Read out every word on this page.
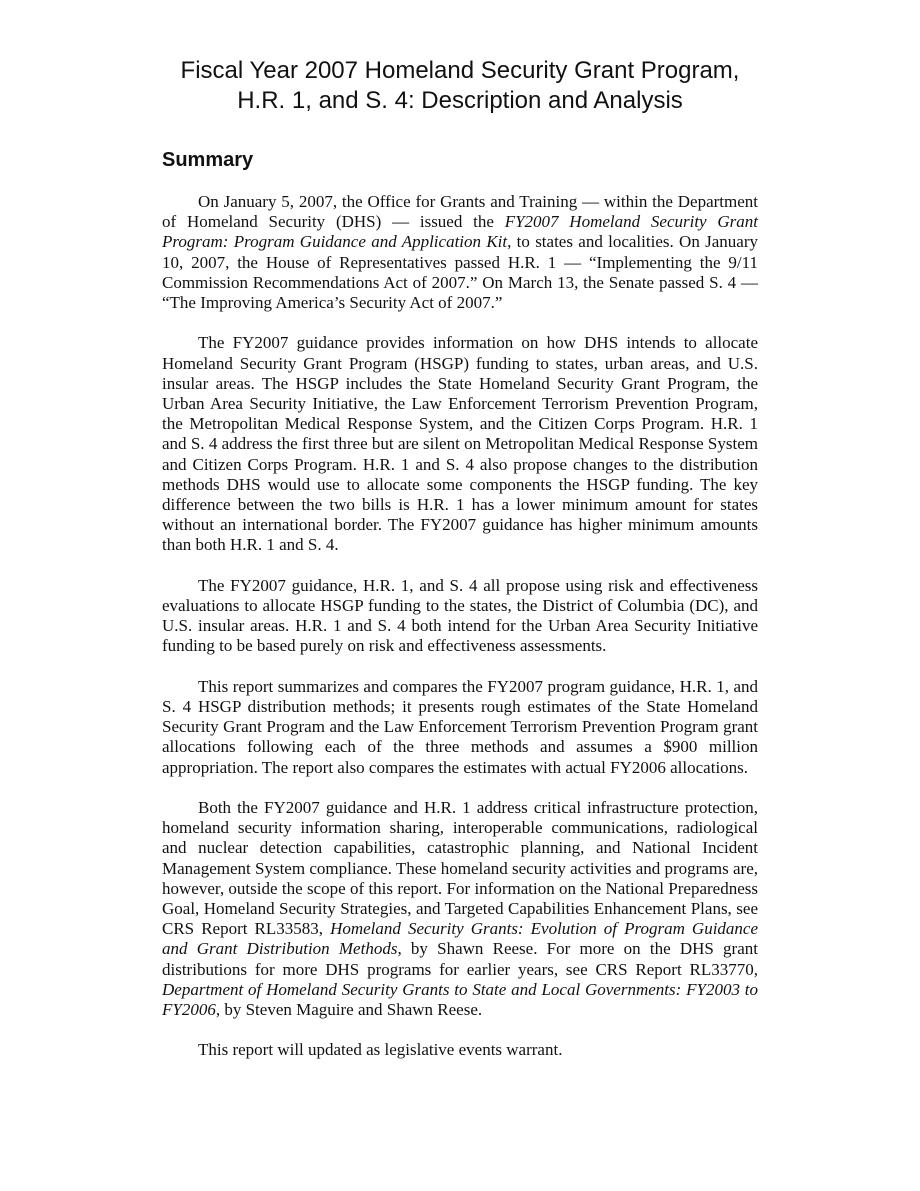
Fiscal Year 2007 Homeland Security Grant Program,
H.R. 1, and S. 4: Description and Analysis
Summary

On January 5, 2007, the Office for Grants and Training — within the Department of Homeland Security (DHS) — issued the FY2007 Homeland Security Grant Program: Program Guidance and Application Kit, to states and localities. On January 10, 2007, the House of Representatives passed H.R. 1 — “Implementing the 9/11 Commission Recommendations Act of 2007.” On March 13, the Senate passed S. 4 — “The Improving America’s Security Act of 2007.”

The FY2007 guidance provides information on how DHS intends to allocate Homeland Security Grant Program (HSGP) funding to states, urban areas, and U.S. insular areas. The HSGP includes the State Homeland Security Grant Program, the Urban Area Security Initiative, the Law Enforcement Terrorism Prevention Program, the Metropolitan Medical Response System, and the Citizen Corps Program. H.R. 1 and S. 4 address the first three but are silent on Metropolitan Medical Response System and Citizen Corps Program. H.R. 1 and S. 4 also propose changes to the distribution methods DHS would use to allocate some components the HSGP funding. The key difference between the two bills is H.R. 1 has a lower minimum amount for states without an international border. The FY2007 guidance has higher minimum amounts than both H.R. 1 and S. 4.

The FY2007 guidance, H.R. 1, and S. 4 all propose using risk and effectiveness evaluations to allocate HSGP funding to the states, the District of Columbia (DC), and U.S. insular areas. H.R. 1 and S. 4 both intend for the Urban Area Security Initiative funding to be based purely on risk and effectiveness assessments.

This report summarizes and compares the FY2007 program guidance, H.R. 1, and S. 4 HSGP distribution methods; it presents rough estimates of the State Homeland Security Grant Program and the Law Enforcement Terrorism Prevention Program grant allocations following each of the three methods and assumes a $900 million appropriation. The report also compares the estimates with actual FY2006 allocations.

Both the FY2007 guidance and H.R. 1 address critical infrastructure protection, homeland security information sharing, interoperable communications, radiological and nuclear detection capabilities, catastrophic planning, and National Incident Management System compliance. These homeland security activities and programs are, however, outside the scope of this report. For information on the National Preparedness Goal, Homeland Security Strategies, and Targeted Capabilities Enhancement Plans, see CRS Report RL33583, Homeland Security Grants: Evolution of Program Guidance and Grant Distribution Methods, by Shawn Reese. For more on the DHS grant distributions for more DHS programs for earlier years, see CRS Report RL33770, Department of Homeland Security Grants to State and Local Governments: FY2003 to FY2006, by Steven Maguire and Shawn Reese.

This report will updated as legislative events warrant.
